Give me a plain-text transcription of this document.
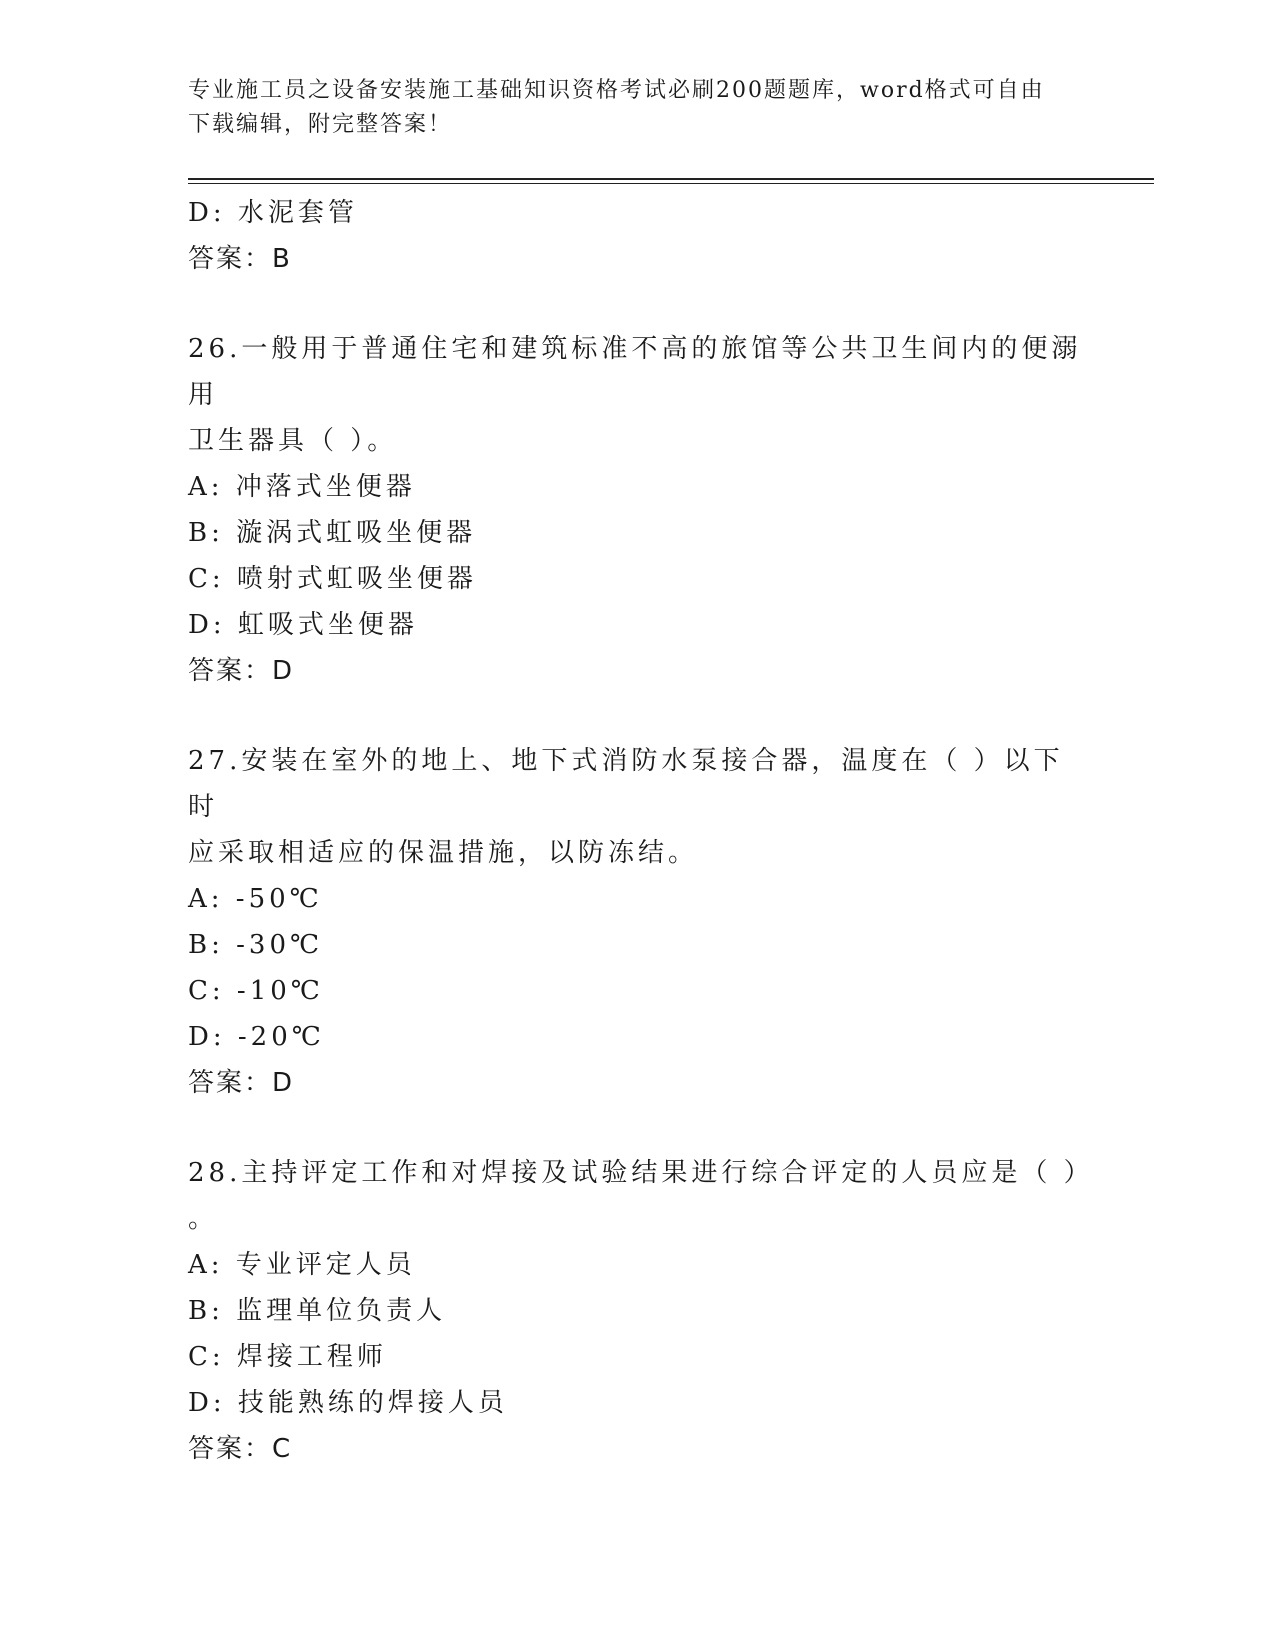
专业施工员之设备安装施工基础知识资格考试必刷200题题库，word格式可自由
下载编辑，附完整答案！
D: 水泥套管
答案：B
26.一般用于普通住宅和建筑标准不高的旅馆等公共卫生间内的便溺用
卫生器具（ ）。
A: 冲落式坐便器
B: 漩涡式虹吸坐便器
C: 喷射式虹吸坐便器
D: 虹吸式坐便器
答案：D
27.安装在室外的地上、地下式消防水泵接合器，温度在（ ）以下时
应采取相适应的保温措施，以防冻结。
A: -50℃
B: -30℃
C: -10℃
D: -20℃
答案：D
28.主持评定工作和对焊接及试验结果进行综合评定的人员应是（ ）
。
A: 专业评定人员
B: 监理单位负责人
C: 焊接工程师
D: 技能熟练的焊接人员
答案：C
